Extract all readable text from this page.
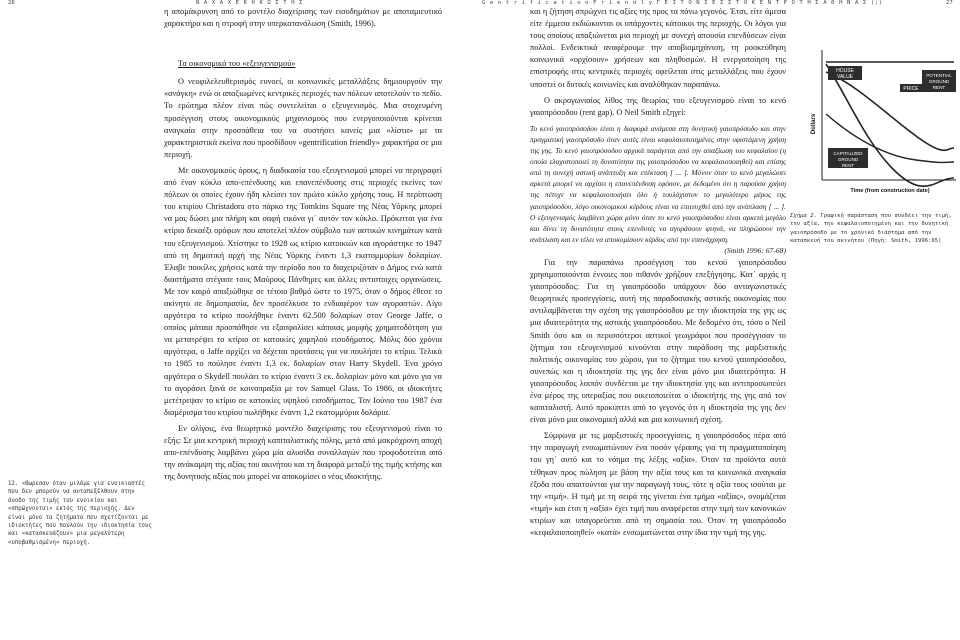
26	Ν Α Χ Α Χ Ε Κ Η Κ Ω Σ Τ Η Σ

η απομάκρυνση από το μοντέλο διαχείρισης των εισοδημάτων με αποταμιευτικό χαρακτήρα και η στροφή στην υπερκατανάλωση (Smith, 1996).

Τα οικονομικά του «εξευγενισμού»

Ο νεοφιλελευθερισμός ευνοεί, οι κοινωνικές μεταλλάξεις δημιουργούν την «ανάγκη» ενώ οι απαξιωμένες κεντρικές περιοχές των πόλεων αποτελούν το πεδίο. Το ερώτημα πλέον είναι πώς συντελείται ο εξευγενισμός. Μια στοχευμένη προσέγγιση στους οικονομικούς μηχανισμούς που ενεργοποιούνται κρίνεται αναγκαία στην προσπάθεια του να συστήσει κανείς μια «λίστα» με τα χαρακτηριστικά εκείνα που προσδίδουν «gentrification friendly» χαρακτήρα σε μια περιοχή.

Με οικονομικούς όρους, η διαδικασία του εξευγενισμού μπορεί να περιγραφεί από έναν κύκλο απο-επένδυσης και επανεπένδυσης στις περιοχές εκείνες των πόλεων οι οποίες έχουν ήδη κλείσει τον πρώτο κύκλο χρήσης τους. Η περίπτωση του κτιρίου Christadora στο πάρκο της Tomkins Square της Νέας Υόρκης μπορεί να μας δώσει μια πλήρη και σαφή εικόνα γι΄ αυτόν τον κύκλο. Πρόκειται για ένα κτίριο δεκαέξι ορόφων που αποτελεί πλέον σύμβολο των αστικών κινημάτων κατά του εξευγενισμού. Χτίστηκε το 1928 ως κτίριο κατοικιών και αγοράστηκε το 1947 από τη δημοτική αρχή της Νέας Υόρκης έναντι 1,3 εκατομμυρίων δολαρίων. Έλαβε ποικίλες χρήσεις κατά την περίοδο που το διαχειριζόταν ο Δήμος ενώ κατά διαστήματα στέγασε τους Μαύρους Πάνθηρες και άλλες αντιστοιχες οργανώσεις. Με τον καιρό απαξιώθηκε σε τέτοιο βαθμό ώστε το 1975, όταν ο δήμος έθεσε το ακίνητο σε δημοπρασία, δεν προσέλκυσε το ενδιαφέρον των αγοραστών. Λίγο αργότερα το κτίριο πουλήθηκε έναντι 62.500 δολαρίων στον George Jaffe, ο οποίος μάταια προσπάθησε να εξασφαλίσει κάποιας μορφής χρηματοδότηση για να μετατρέψει το κτίριο σε κατοικίες χαμηλού εισοδήματος. Μόλις δύο χρόνια αργότερα, ο Jaffe αρχίζει να δέχεται προτάσεις για να πουλήσει το κτίριο. Τελικά το 1985 το πούλησε έναντι 1,3 εκ. δολαρίων στον Harry Skydell. Ένα χρόνο αργότερα ο Skydell πουλάει το κτίριο έναντι 3 εκ. δολαρίων μόνο και μόνο για να το αγοράσει ξανά σε κοινοπραξία με τον Samuel Glass. Το 1986, οι ιδιοκτήτες μετέτρεψαν το κτίριο σε κατοικίες υψηλού εισοδήματος. Τον Ιούνιο του 1987 ένα διαμέρισμα του κτιρίου πωλήθηκε έναντι 1,2 εκατομμύρια δολάρια.

Εν ολίγοις, ένα θεωρητικό μοντέλο διαχείρισης του εξευγενισμού είναι το εξής: Σε μια κεντρική περιοχή καπιταλιστικής πόλης, μετά από μακρόχρονη αποχή απο-επένδυσης λαμβάνει χώρα μία αλυσίδα συναλλαγών που τροφοδοτείται από την ανάκαμψη της αξίας του ακινήτου και τη διαφορά μεταξύ της τιμής κτήσης και της δυνητικής αξίας που μπορεί να αποκομίσει ο νέος ιδιοκτήτης.

12. «Θωρεσαν όταν μιλάμε για ενοικιαστές που δεν μπορούν να ανταπεξέλθουν στην άνοδο της τιμής του ενοικίου και «σπρώχνονται» εκτός της περιοχής. Δεν είναι μόνο τα ζητήματα που σχετίζονται με ιδιοκτήτες που πουλούν την ιδιοκτησία τους και «κατασκευάζουν» μια μεγαλύτερη «υποβαθμισμένη» περιοχή.
G e n t r i f i c a t i o n F r i e n d l y Γ Ε Ι Τ Ο Ν Ι Ε Σ Σ Τ Ο Κ Ε Ν Τ Ρ Ο Τ Η Σ Α Θ Η Ν Α Σ (;)	27

και η ζήτηση σπρώχνει τις αξίες της προς τα πάνω γεγονός. Έτσι, είτε άμεσα είτε έμμεσα εκδιώκονται οι υπάρχοντες κάτοικοι της περιοχής. Οι λόγοι για τους οποίους απαξιώνεται μια περιοχή με συνεχή απουσία επενδύσεων είναι πολλοί. Ενδεικτικά αναφέρουμε την αποβιομηχάνιση, τη ροοκεύθηση κοινωνικά «ορχίσουν» χρήσεων και πληθυσμών. Η ενεργοποίηση της επιστροφής στις κεντρικές περιοχές οφείλεται στις μεταλλάξεις που έχουν υποστεί οι δυτικές κοινωνίες και αναλύθηκαν παραπάνω.

Ο ακρογωνιαίος λίθος της θεωρίας του εξευγενισμού είναι το κενό γαιοπρόσοδου (rent gap). Ο Neil Smith εξηγεί:

Το κενό γαιοπρόσοδου είναι η διαφορά ανάμεσα στη δυνητική γαιοπρόσοδο και στην πραγματική γαιοπρόσοδο όταν αυτές είναι κεφαλαιοποιημένες στην υφιστάμενη χρήση της γης. Το κενό γαιοπρόσοδου αρχικά παράγεται από την απαξίωση του κεφαλαίου (η οποία ελαχιστοποιεί τη δυνατότητα της γαιοπρόσοδου να κεφαλαιοποιηθεί) και επίσης από τη συνεχή αστική ανάπτυξη και επέκταση [ ... ]. Μόνον όταν το κενό μεγαλώσει αρκετά μπορεί να αρχίσει η επανεπένδυση εφόσον, με δεδομένο ότι η παρούσα χρήση της πέτυχε να κεφαλαιοποιήσει όλο ή τουλάχιστον το μεγαλύτερο μέρος της γαιοπρόσοδου, λόγο οικονομικού κέρδους είναι να επιτευχθεί από την ανάπλαση [ ... ]. Ο εξευγενισμός λαμβάνει χώρα μόνο όταν το κενό γαιοπρόσοδου είναι αρκετά μεγάλο και δίνει τη δυνατότητα στους επενδυτές να αγοράσουν φτηνά, να πληρώσουν την ανάπλαση και εν τέλει να αποκομίσουν κέρδος από την επανάχρηση.

(Smith 1996: 67-68)

Για την παραπάνω προσέγγιση του κενού γαιοπρόσοδου χρησιμοποιούνται έννοιες που πιθανόν χρήζουν επεξήγησης. Κατ΄ αρχάς η γαιοπρόσοδος: Για τη γαιοπρόσοδο υπάρχουν δύο ανταγωνιστικές θεωρητικές προσεγγίσεις, αυτή της παραδοσιακής αστικής οικονομίας που αντιλαμβάνεται την σχέση της γαιοπρόσοδου με την ιδιοκτησία της γης ως μια ιδιαιτερότητα της αστικής γαιοπρόσοδου. Με δεδομένο ότι, τόσο ο Neil Smith όσο και οι περισσότεροι αστικοί γεωγράφοι που προσέγγισαν το ζήτημα του εξευγενισμού κινούνται στην παράδοση της μαρξιστικής πολιτικής οικονομίας του χώρου, για το ζήτημα του κενού γαιοπρόσοδου, συνεπώς και η ιδιοκτησία της γης δεν είναι μόνο μια ιδιαιτερότητα. Η γαιοπρόσοδος λοιπόν συνδέεται με την ιδιοκτησία γης και αντιπροσωπεύει ένα μέρος της υπεραξίας που οικειοποιείται ο ιδιοκτήτης της γης από τον καπιταλιστή. Αυτό προκύπτει από το γεγονός ότι η ιδιοκτησία της γης δεν είναι μόνο μια οικονομική αλλά και μια κοινωνική σχέση.

Σύμφωνα με τις μαρξιστικές προσεγγίσεις, η γαιοπρόσοδος πέρα από την παραγωγή ενσωματώνουν ένα ποσόν γέρασης για τη πραγματοποίηση του γη΄ αυτό και το νόημα της λέξης «αξία». Όταν τα προϊόντα αυτά τέθηκαν προς πώληση με βάση την αξία τους και τα κοινωνικά αναγκαία έξοδα που απαιτούνται για την παραγωγή τους, τότε η αξία τους ισούται με την «τιμή». Η τιμή με τη σειρά της γίνεται ένα τμήμα «αξίας», ονομάζεται «τιμή» και έτσι η «αξία» έχει τιμή που αναφέρεται στην τιμή των κανονικών κτιρίων και υπαγορεύεται από τη σημασία του. Όταν τη γαιοπρόσοδο «κεφαλαιοποιηθεί» «κατά» ενσωματώνεται στην ίδια την τιμή της γης.

HOUSE VALUE
PRICE
POTENTIAL GROUND RENT
CAPITALIZED GROUND RENT
Dollars
Time (from construction date)
Σχήμα 2. Γραφική παράσταση που συνδέει την τιμή, την αξία, την κεφαλαιοποιημένη και την δυνητική γαιοπρόσοδο με το χρονικό διάστημα από την κατασκευή του ακινήτου (Πηγή: Smith, 1996:65)
